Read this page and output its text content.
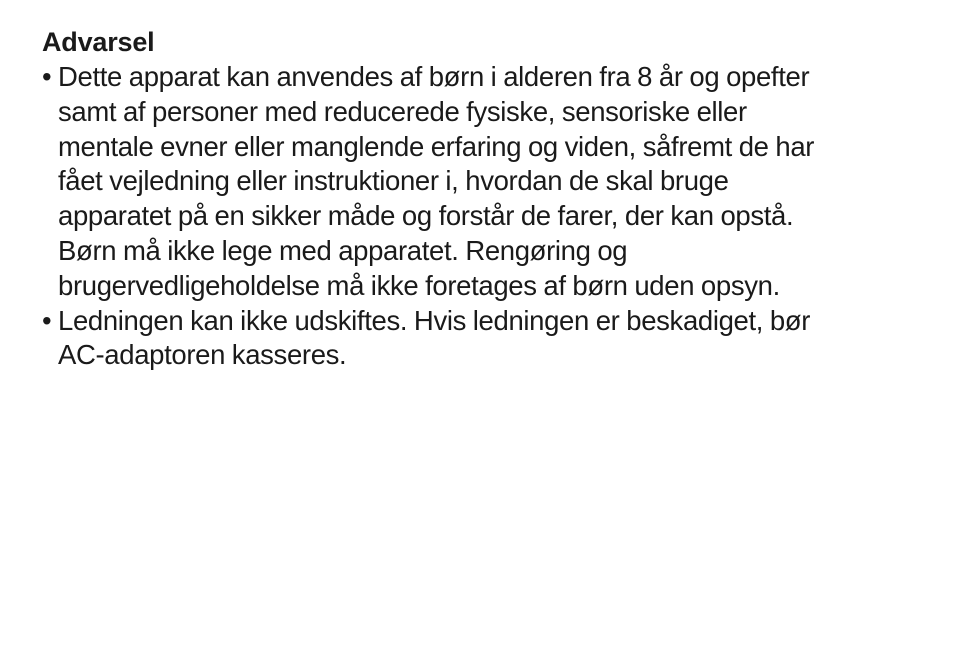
Advarsel
• Dette apparat kan anvendes af børn i alderen fra 8 år og opefter
samt af personer med reducerede fysiske, sensoriske eller
mentale evner eller manglende erfaring og viden, såfremt de har
fået vejledning eller instruktioner i, hvordan de skal bruge
apparatet på en sikker måde og forstår de farer, der kan opstå.
Børn må ikke lege med apparatet. Rengøring og
brugervedligeholdelse må ikke foretages af børn uden opsyn.
• Ledningen kan ikke udskiftes. Hvis ledningen er beskadiget, bør
AC-adaptoren kasseres.
